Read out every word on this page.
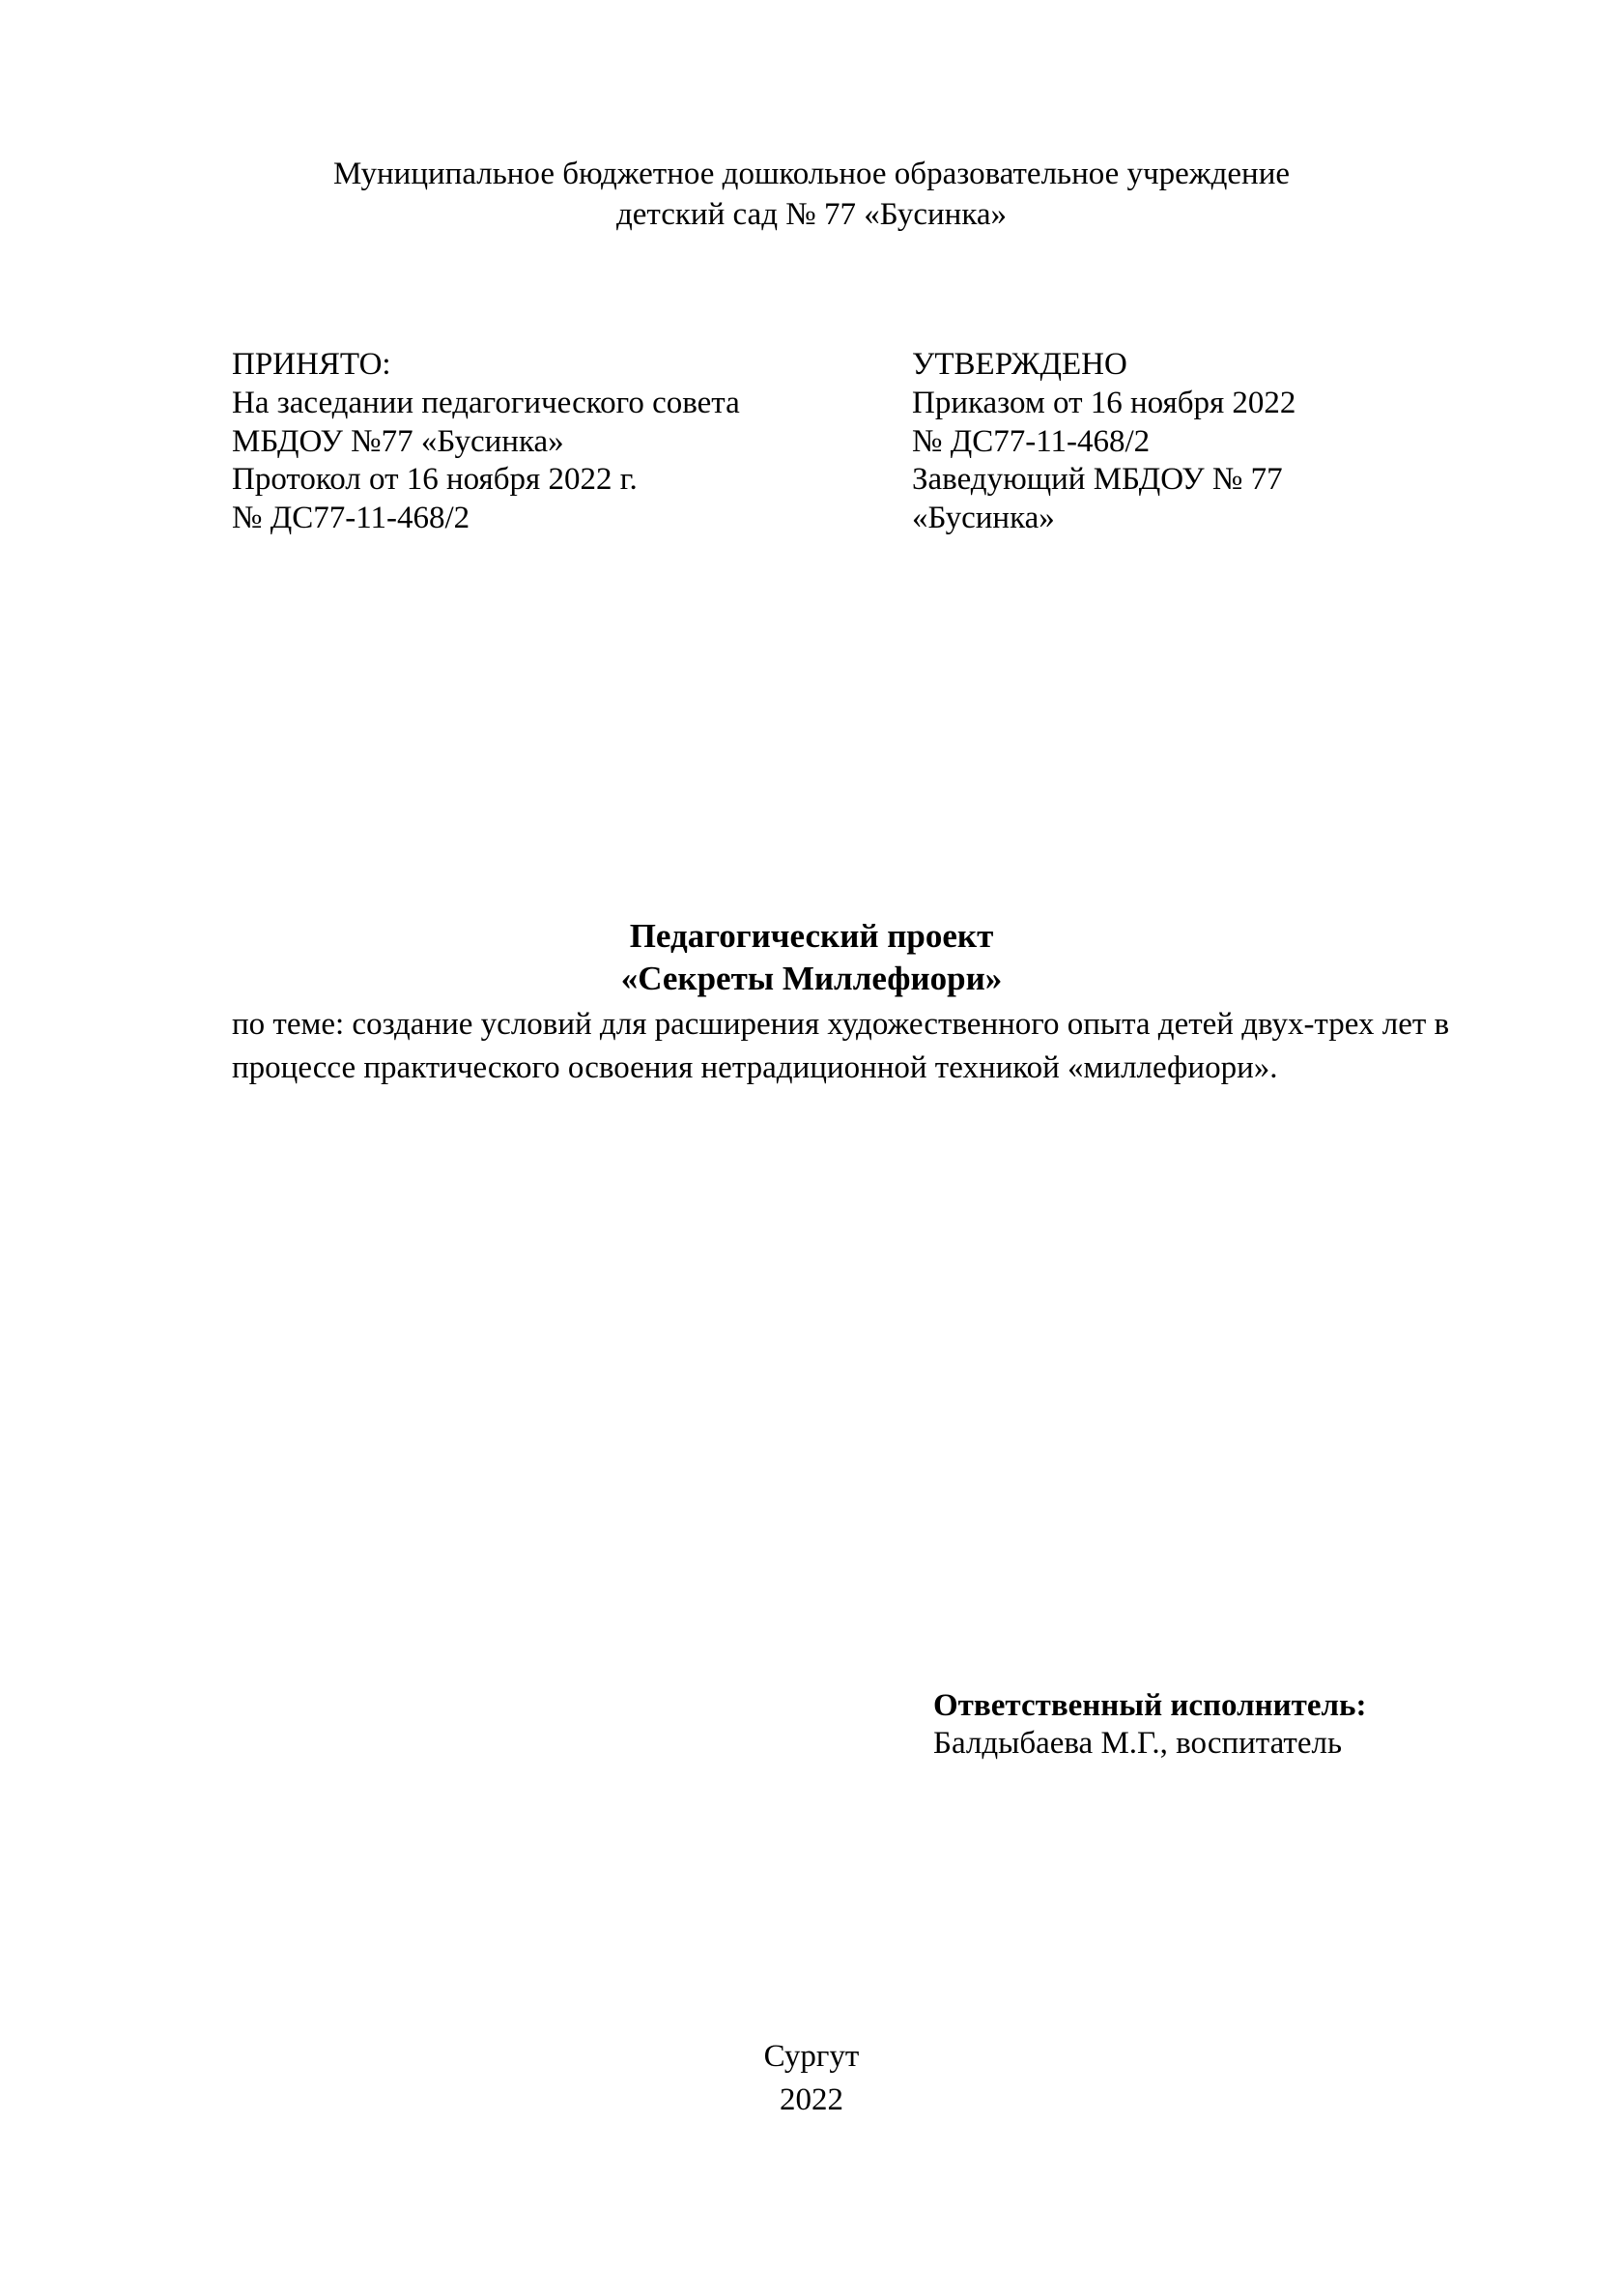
Муниципальное бюджетное дошкольное образовательное учреждение
детский сад № 77 «Бусинка»
ПРИНЯТО:
На заседании педагогического совета
МБДОУ №77 «Бусинка»
Протокол от 16 ноября 2022 г.
№ ДС77-11-468/2
УТВЕРЖДЕНО
Приказом от 16 ноября 2022
№ ДС77-11-468/2
Заведующий МБДОУ № 77
«Бусинка»
Педагогический проект
«Секреты Миллефиори»
по теме: создание условий для расширения художественного опыта детей двух-трех лет в
процессе практического освоения нетрадиционной техникой «миллефиори».
Ответственный исполнитель:
Балдыбаева М.Г., воспитатель
Сургут
2022
